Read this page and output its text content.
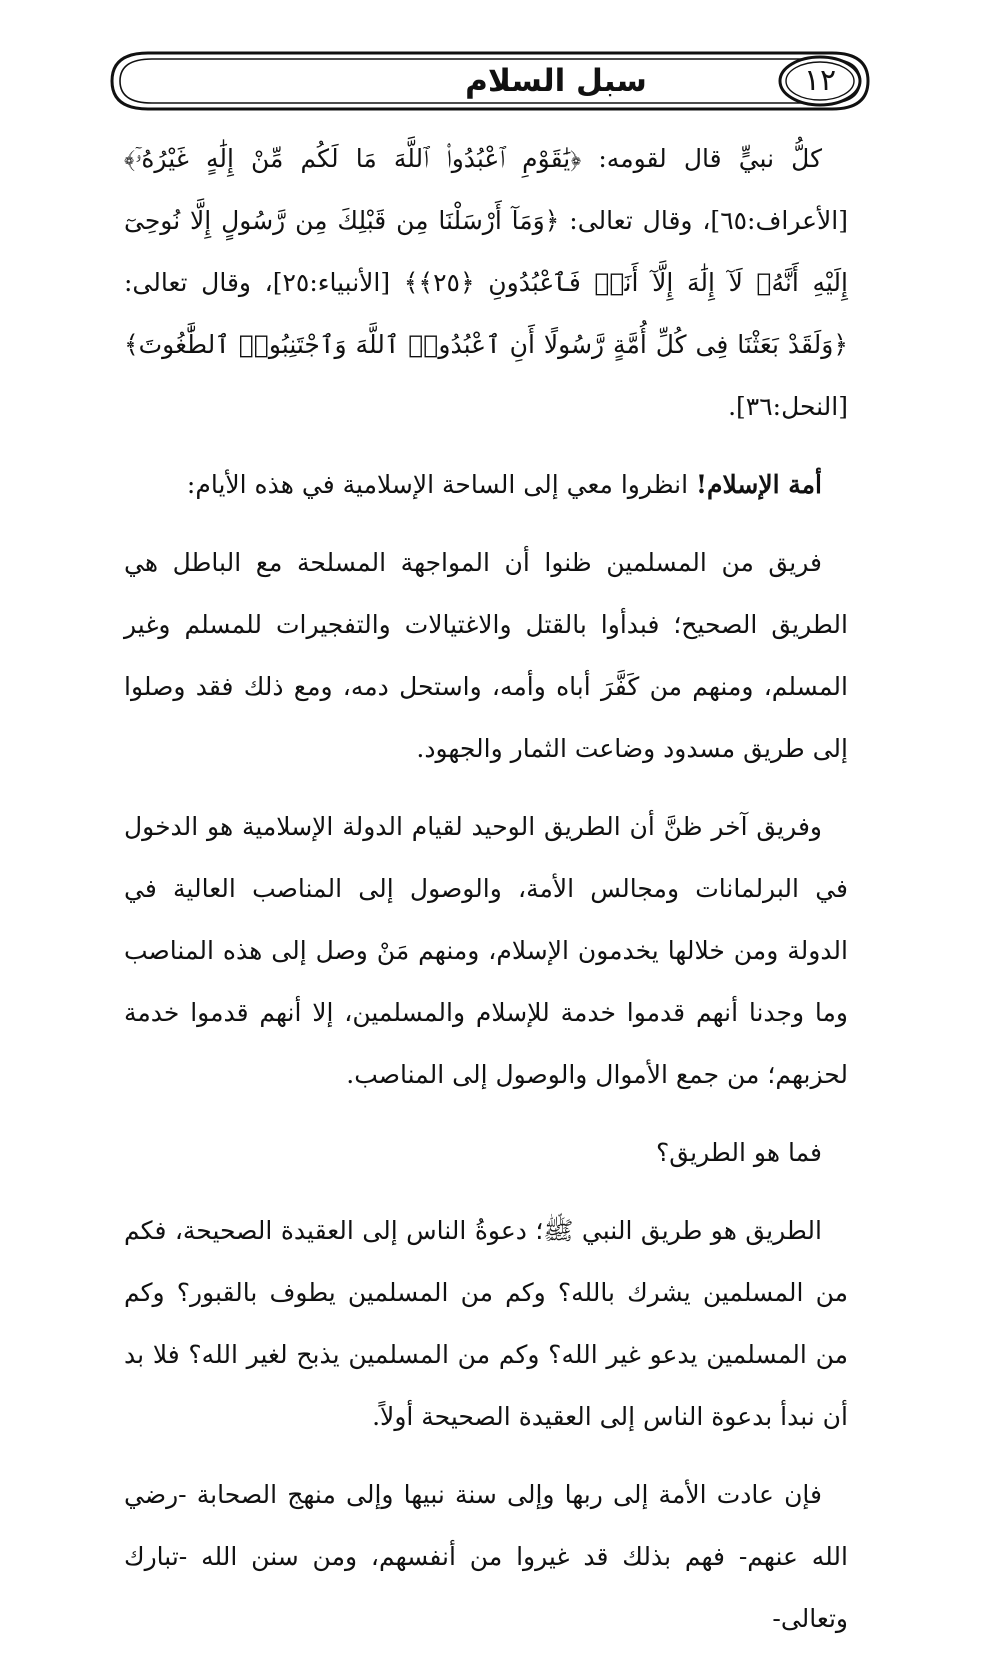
سبل السلام	١٢

كلُّ نبيٍّ قال لقومه: ﴿يَٰقَوْمِ ٱعْبُدُوا۟ ٱللَّهَ مَا لَكُم مِّنْ إِلَٰهٍ غَيْرُهُۥٓ﴾ [الأعراف:٦٥]، وقال تعالى: ﴿وَمَآ أَرْسَلْنَا مِن قَبْلِكَ مِن رَّسُولٍ إِلَّا نُوحِىٓ إِلَيْهِ أَنَّهُۥ لَآ إِلَٰهَ إِلَّآ أَنَا۠ فَٱعْبُدُونِ ﴿٢٥﴾﴾ [الأنبياء:٢٥]، وقال تعالى: ﴿وَلَقَدْ بَعَثْنَا فِى كُلِّ أُمَّةٍ رَّسُولًا أَنِ ٱعْبُدُوا۟ ٱللَّهَ وَٱجْتَنِبُوا۟ ٱلطَّٰغُوتَ﴾ [النحل:٣٦].

أمة الإسلام! انظروا معي إلى الساحة الإسلامية في هذه الأيام:

فريق من المسلمين ظنوا أن المواجهة المسلحة مع الباطل هي الطريق الصحيح؛ فبدأوا بالقتل والاغتيالات والتفجيرات للمسلم وغير المسلم، ومنهم من كَفَّرَ أباه وأمه، واستحل دمه، ومع ذلك فقد وصلوا إلى طريق مسدود وضاعت الثمار والجهود.

وفريق آخر ظنَّ أن الطريق الوحيد لقيام الدولة الإسلامية هو الدخول في البرلمانات ومجالس الأمة، والوصول إلى المناصب العالية في الدولة ومن خلالها يخدمون الإسلام، ومنهم مَنْ وصل إلى هذه المناصب وما وجدنا أنهم قدموا خدمة للإسلام والمسلمين، إلا أنهم قدموا خدمة لحزبهم؛ من جمع الأموال والوصول إلى المناصب.

فما هو الطريق؟

الطريق هو طريق النبي ﷺ؛ دعوةُ الناس إلى العقيدة الصحيحة، فكم من المسلمين يشرك بالله؟ وكم من المسلمين يطوف بالقبور؟ وكم من المسلمين يدعو غير الله؟ وكم من المسلمين يذبح لغير الله؟ فلا بد أن نبدأ بدعوة الناس إلى العقيدة الصحيحة أولاً.

فإن عادت الأمة إلى ربها وإلى سنة نبيها وإلى منهج الصحابة -رضي الله عنهم- فهم بذلك قد غيروا من أنفسهم، ومن سنن الله -تبارك وتعالى-
